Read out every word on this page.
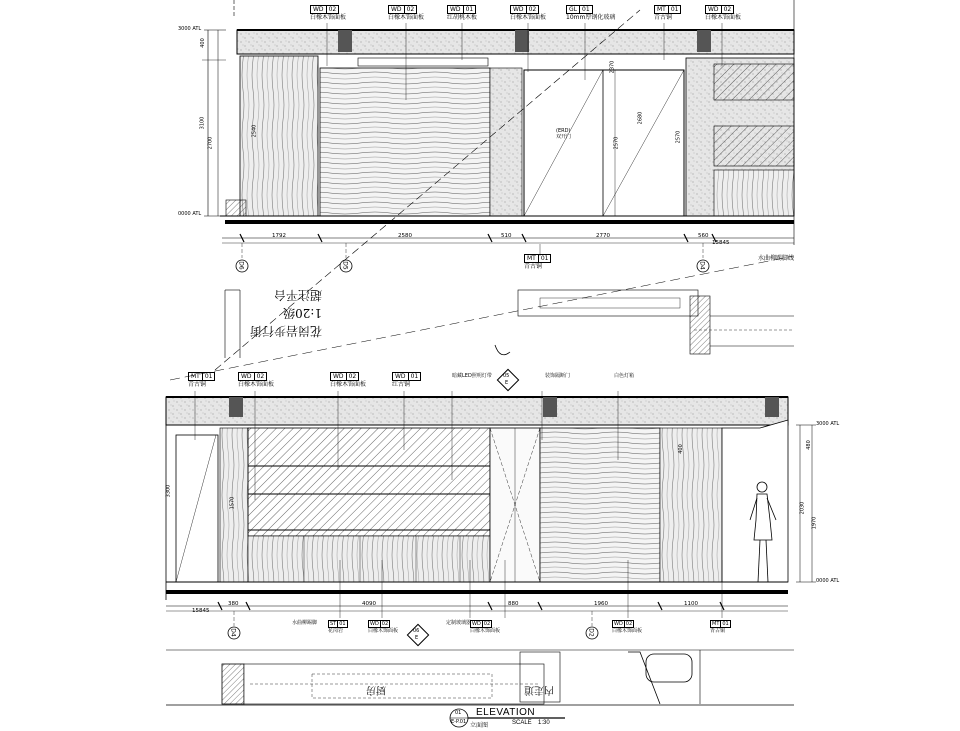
WD 02
白橡木饰面板
WD 02
白橡木饰面板
WD 01
红胡桃木板
WD 02
白橡木饰面板
GL 01
10mm厚钢化玻璃
MT 01
青古铜
WD 02
白橡木饰面板
3000 ATL
0000 ATL
400
3100
2700
2540
2370
2680
2570	2570
(ERD)
双开门
1792	2580	510	2770	560
15845
D6	D5	D4
MT 01
青古铜
水曲柳踢脚线
花岗岩步行街
1:20级
超注平台
MT 01
青古铜
WD 02
白橡木饰面板
WD 02
白橡木饰面板
WD 01
红古铜
暗藏LED照明灯带	装饰隔断门	白色灯箱
05
E
3000 ATL
0000 ATL
3300
1570	2030
1970
480
400
380	4090	880	1960	1100
15845
D4	D2
水曲柳踢脚	ST 01
花岗岩
WD 02
白橡木饰面板
WD 02
白橡木饰面板
定制玻璃器	WD 02
白橡木饰面板
MT 01
青古铜
06
E
厨房	内走道
01
E-P.01
ELEVATION
立面图	SCALE 1:30
